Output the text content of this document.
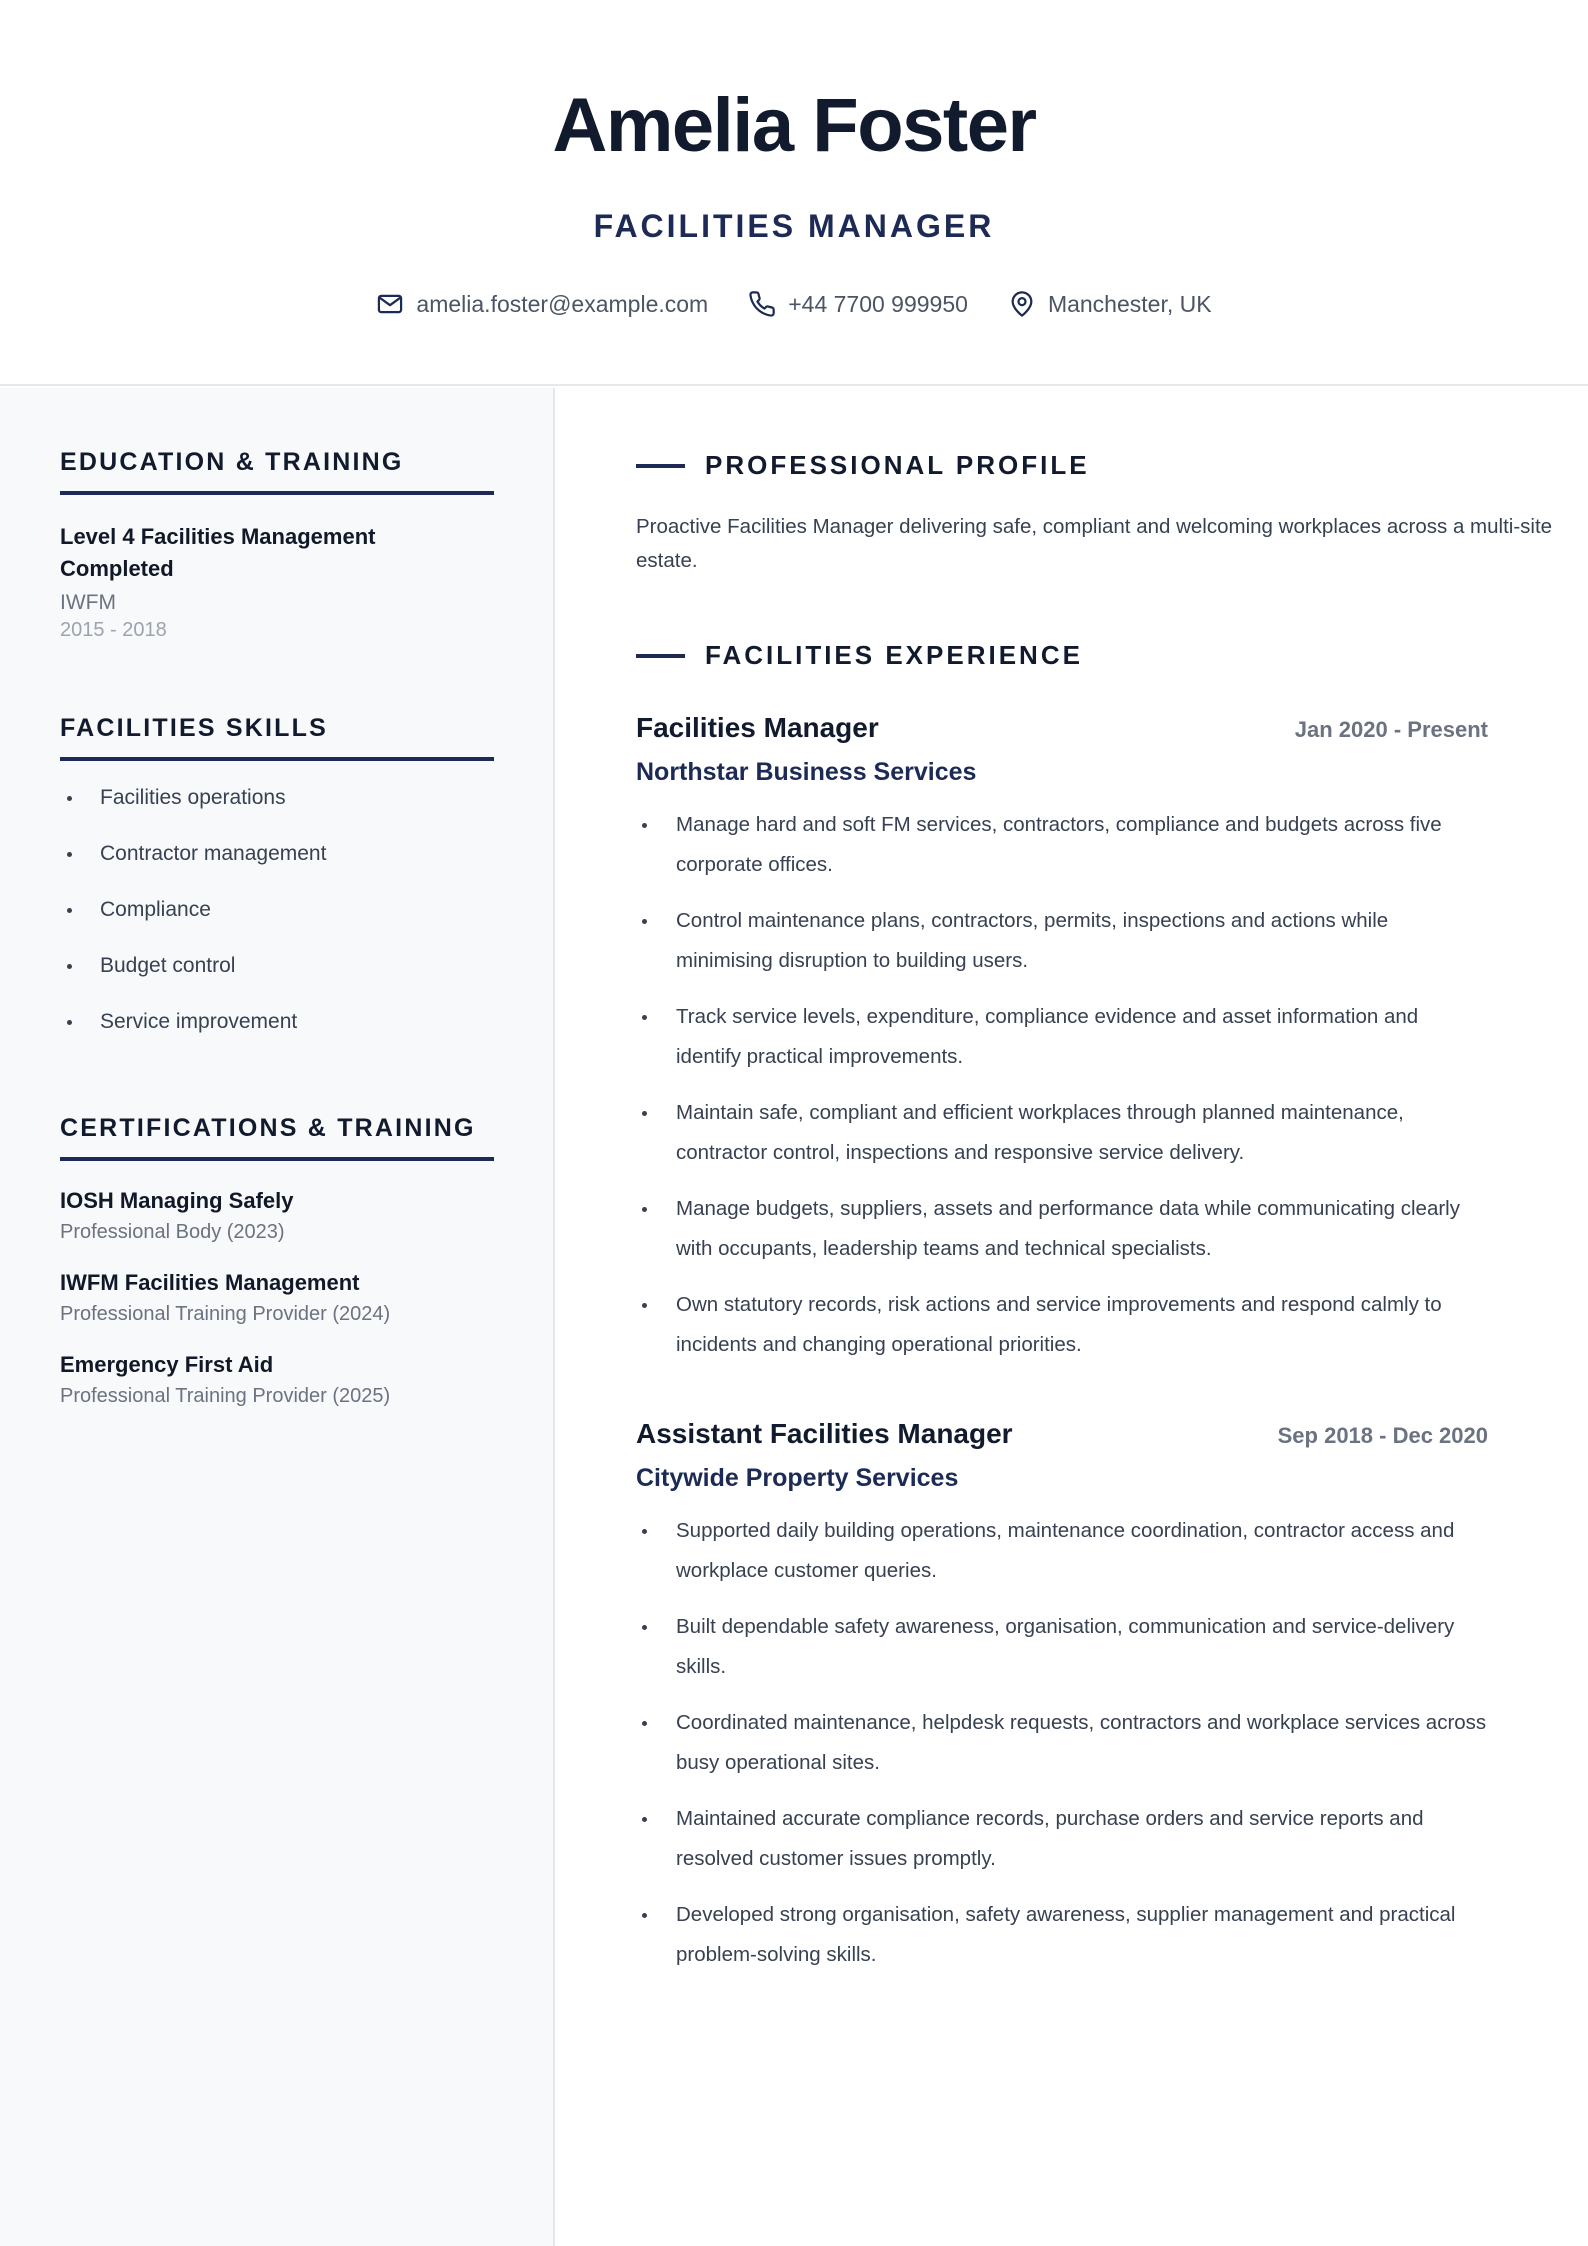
Amelia Foster
FACILITIES MANAGER
amelia.foster@example.com	+44 7700 999950	Manchester, UK
EDUCATION & TRAINING
Level 4 Facilities Management Completed
IWFM
2015 - 2018
FACILITIES SKILLS
Facilities operations
Contractor management
Compliance
Budget control
Service improvement
CERTIFICATIONS & TRAINING
IOSH Managing Safely
Professional Body (2023)
IWFM Facilities Management
Professional Training Provider (2024)
Emergency First Aid
Professional Training Provider (2025)
PROFESSIONAL PROFILE

Proactive Facilities Manager delivering safe, compliant and welcoming workplaces across a multi-site estate.

FACILITIES EXPERIENCE
Facilities Manager	Jan 2020 - Present
Northstar Business Services
Manage hard and soft FM services, contractors, compliance and budgets across five corporate offices.
Control maintenance plans, contractors, permits, inspections and actions while minimising disruption to building users.
Track service levels, expenditure, compliance evidence and asset information and identify practical improvements.
Maintain safe, compliant and efficient workplaces through planned maintenance, contractor control, inspections and responsive service delivery.
Manage budgets, suppliers, assets and performance data while communicating clearly with occupants, leadership teams and technical specialists.
Own statutory records, risk actions and service improvements and respond calmly to incidents and changing operational priorities.
Assistant Facilities Manager	Sep 2018 - Dec 2020
Citywide Property Services
Supported daily building operations, maintenance coordination, contractor access and workplace customer queries.
Built dependable safety awareness, organisation, communication and service-delivery skills.
Coordinated maintenance, helpdesk requests, contractors and workplace services across busy operational sites.
Maintained accurate compliance records, purchase orders and service reports and resolved customer issues promptly.
Developed strong organisation, safety awareness, supplier management and practical problem-solving skills.
